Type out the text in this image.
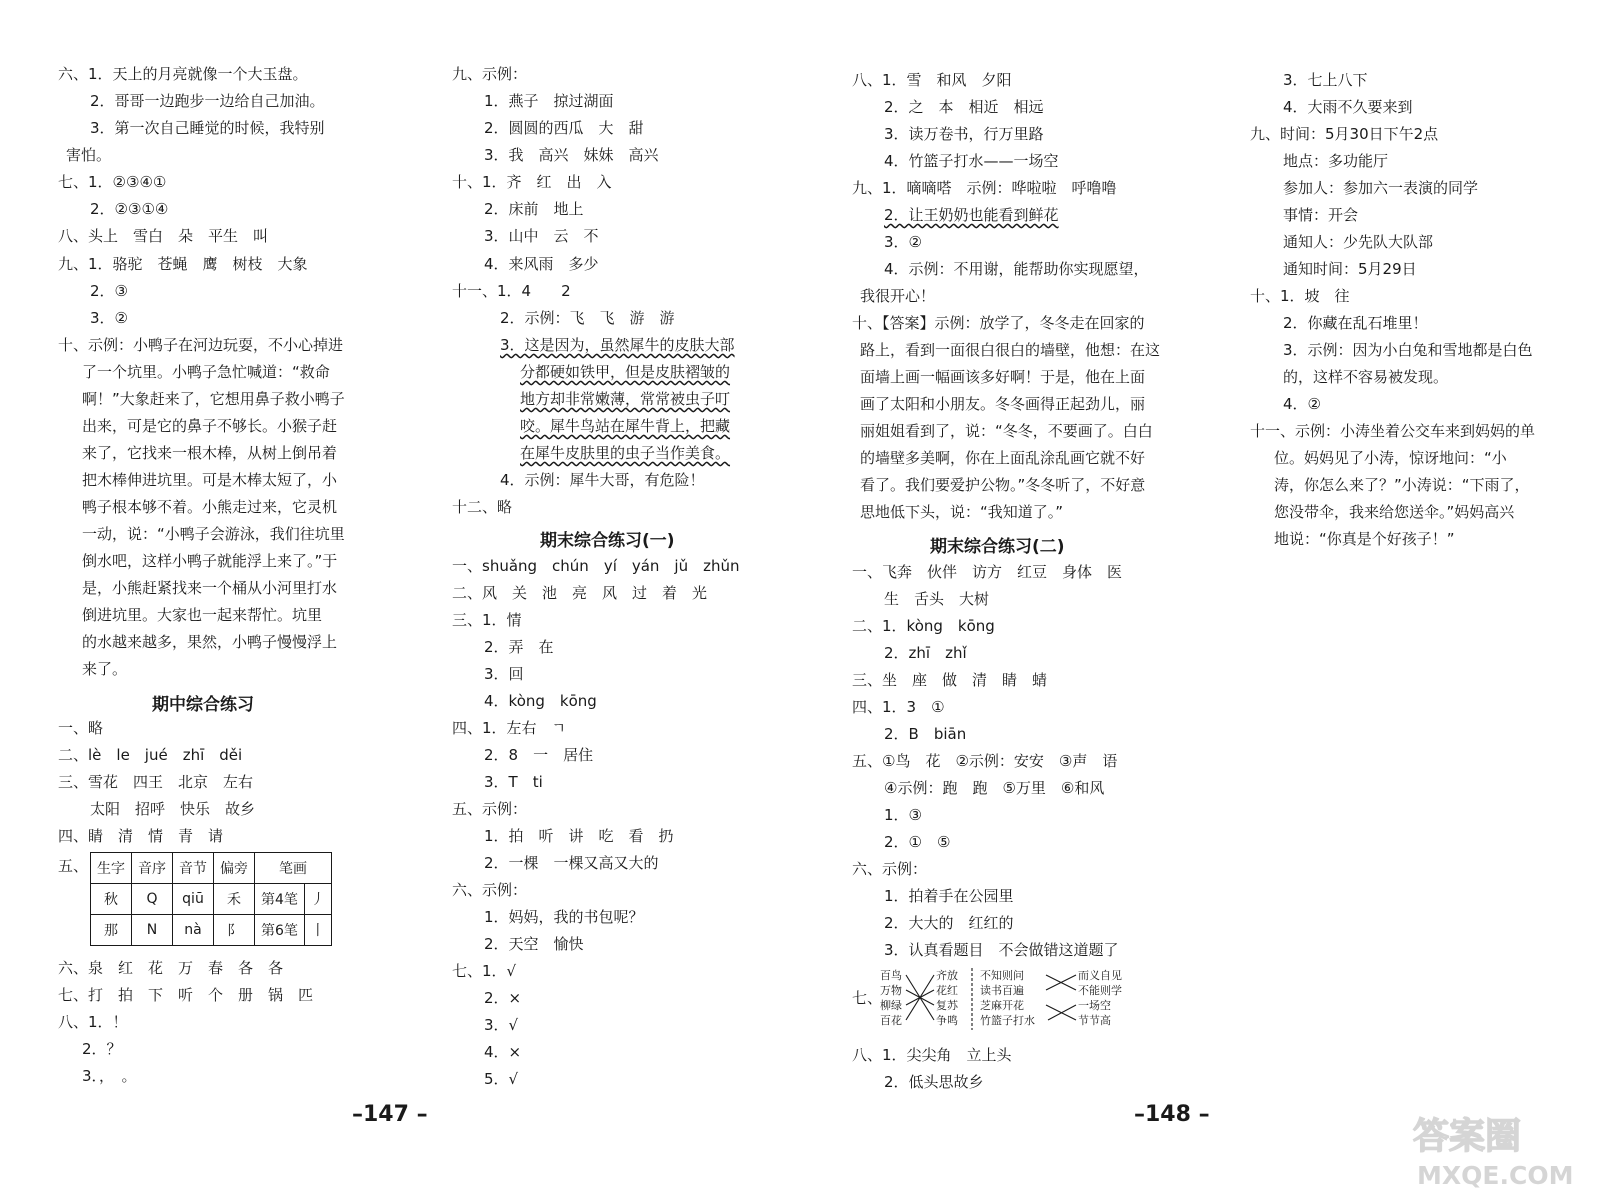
六、1．天上的月亮就像一个大玉盘。
2．哥哥一边跑步一边给自己加油。
3．第一次自己睡觉的时候，我特别
害怕。
七、1．②③④①
2．②③①④
八、头上　雪白　朵　平生　叫
九、1．骆驼　苍蝇　鹰　树枝　大象
2．③
3．②
十、示例：小鸭子在河边玩耍，不小心掉进
了一个坑里。小鸭子急忙喊道：“救命
啊！”大象赶来了，它想用鼻子救小鸭子
出来，可是它的鼻子不够长。小猴子赶
来了，它找来一根木棒，从树上倒吊着
把木棒伸进坑里。可是木棒太短了，小
鸭子根本够不着。小熊走过来，它灵机
一动，说：“小鸭子会游泳，我们往坑里
倒水吧，这样小鸭子就能浮上来了。”于
是，小熊赶紧找来一个桶从小河里打水
倒进坑里。大家也一起来帮忙。坑里
的水越来越多，果然，小鸭子慢慢浮上
来了。
期中综合练习
一、略
二、lè　le　jué　zhī　děi
三、雪花　四王　北京　左右
太阳　招呼　快乐　故乡
四、睛　清　情　青　请
五、 生字	音序	音节	偏旁	笔画	
秋	Q	qiū	禾	第4笔	丿
那	N	nà	阝	第6笔	丨
六、泉　红　花　万　春　各　各
七、打　拍　下　听　个　册　锅　匹
八、1．！
2．？
3．，　。
九、示例：
1．燕子　掠过湖面
2．圆圆的西瓜　大　甜
3．我　高兴　妹妹　高兴
十、1．齐　红　出　入
2．床前　地上
3．山中　云　不
4．来风雨　多少
十一、1．4　　2
2．示例：飞　飞　游　游
3．这是因为，虽然犀牛的皮肤大部
分都硬如铁甲，但是皮肤褶皱的
地方却非常嫩薄，常常被虫子叮
咬。犀牛鸟站在犀牛背上，把藏
在犀牛皮肤里的虫子当作美食。
4．示例：犀牛大哥，有危险！
十二、略
期末综合练习(一)
一、shuǎng　chún　yí　yán　jǔ　zhǔn
二、风　关　池　亮　风　过　着　光
三、1．情
2．弄　在
3．回
4．kòng　kōng
四、1．左右　ㄱ
2．8　一　居住
3．T　ti
五、示例：
1．拍　听　讲　吃　看　扔
2．一棵　一棵又高又大的
六、示例：
1．妈妈，我的书包呢？
2．天空　愉快
七、1．√
2．×
3．√
4．×
5．√
–147 –
八、1．雪　和风　夕阳
2．之　本　相近　相远
3．读万卷书，行万里路
4．竹篮子打水——一场空
九、1．嘀嘀嗒　示例：哗啦啦　呼噜噜
2．让王奶奶也能看到鲜花
3．②
4．示例：不用谢，能帮助你实现愿望，
我很开心！
十、【答案】示例：放学了，冬冬走在回家的
路上，看到一面很白很白的墙壁，他想：在这
面墙上画一幅画该多好啊！于是，他在上面
画了太阳和小朋友。冬冬画得正起劲儿，丽
丽姐姐看到了，说：“冬冬，不要画了。白白
的墙壁多美啊，你在上面乱涂乱画它就不好
看了。我们要爱护公物。”冬冬听了，不好意
思地低下头，说：“我知道了。”
期末综合练习(二)
一、飞奔　伙伴　访方　红豆　身体　医
生　舌头　大树
二、1．kòng　kōng
2．zhī　zhǐ
三、坐　座　做　清　睛　蜻
四、1．3　①
2．B　biān
五、①鸟　花　②示例：安安　③声　语
④示例：跑　跑　⑤万里　⑥和风
1．③
2．①　⑤
六、示例：
1．拍着手在公园里
2．大大的　红红的
3．认真看题目　不会做错这道题了
七、
百鸟
万物
柳绿
百花
齐放
花红
复苏
争鸣
不知则问
读书百遍
芝麻开花
竹篮子打水
而义自见
不能则学
一场空
节节高
八、1．尖尖角　立上头
2．低头思故乡
3．七上八下
4．大雨不久要来到
九、时间：5月30日下午2点
地点：多功能厅
参加人：参加六一表演的同学
事情：开会
通知人：少先队大队部
通知时间：5月29日
十、1．坡　往
2．你藏在乱石堆里！
3．示例：因为小白兔和雪地都是白色
的，这样不容易被发现。
4．②
十一、示例：小涛坐着公交车来到妈妈的单
位。妈妈见了小涛，惊讶地问：“小
涛，你怎么来了？”小涛说：“下雨了，
您没带伞，我来给您送伞。”妈妈高兴
地说：“你真是个好孩子！”
–148 –
答案圈
MXQE.COM
